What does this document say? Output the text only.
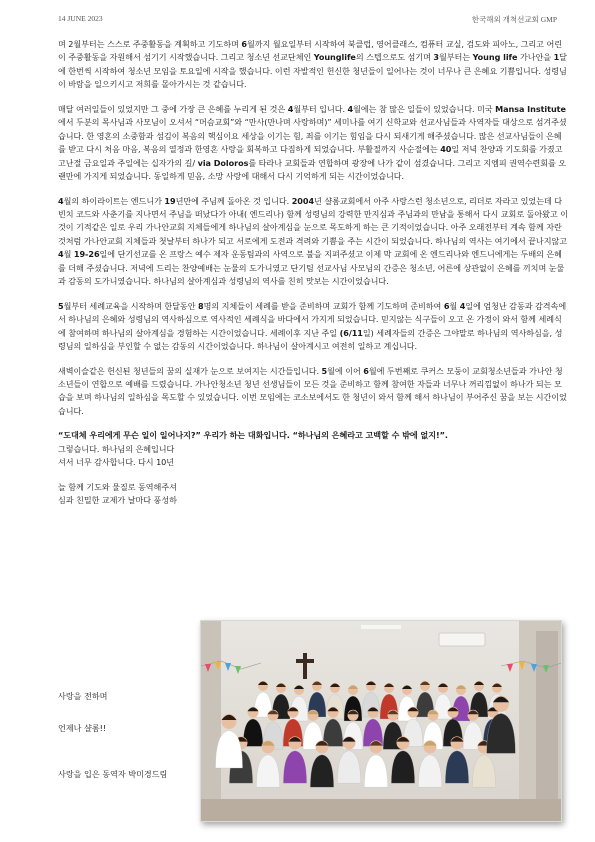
14 JUNE 2023	한국해외 개척선교회 GMP

며 2월부터는 스스로 주중활동을 계획하고 기도하며 6월까지 월요일부터 시작하여 북클럽, 영어클래스, 컴퓨터 교실, 검도와 피아노, 그리고 어린이 주중활동을 자원해서 섬기기 시작했습니다. 그리고 청소년 선교단체인 Younglife의 스텝으로도 섬기며 3월부터는 Young life 가나안을 1달에 한번씩 시작하여 청소년 모임을 토요일에 시작을 했습니다. 이런 자발적인 헌신한 청년들이 일어나는 것이 너무나 큰 은혜요 기쁨입니다. 성령님이 바람을 일으키시고 저희를 몰아가시는 것 같습니다.

매달 여러일들이 있었지만 그 중에 가장 큰 은혜를 누리게 된 것은 4월부터 입니다. 4월에는 참 많은 일들이 있었습니다. 미국 Mansa Institute에서 두분의 목사님과 사모님이 오셔서 “머슴교회”와 “만사(만나며 사랑하며)” 세미나를 여기 신학교와 선교사님들과 사역자들 대상으로 섬겨주셨습니다. 한 영혼의 소중함과 섬김이 복음의 핵심이요 세상을 이기는 힘, 죄를 이기는 힘임을 다시 되새기게 해주셨습니다. 많은 선교사님들이 은혜를 받고 다시 처음 마음, 복음의 열정과 한영혼 사랑을 회복하고 다짐하게 되었습니다. 부활절까지 사순절에는 40일 저녁 찬양과 기도회를 가졌고 고난절 금요일과 주일에는 십자가의 길/ via Doloros를 타라나 교회들과 연합하며 광장에 나가 같이 섬겼습니다. 그리고 지엠피 권역수련회를 오랜만에 가지게 되었습니다. 동일하게 믿음, 소망 사랑에 대해서 다시 기억하게 되는 시간이었습니다.

4월의 하이라이트는 엔드니가 19년만에 주님께 돌아온 것 입니다. 2004년 샬롬교회에서 아주 사랑스런 청소년으로, 리더로 자라고 있었는데 다빈치 코드와 사춘기를 지나면서 주님을 떠났다가 아내( 엔드리나) 함께 성령님의 강력한 만지심과 주님과의 만남을 통해서 다시 교회로 돌아왔고 이것이 기적같은 일로 우리 가나안교회 지체들에게 하나님의 살아계심을 눈으로 목도하게 하는 큰 기적이었습니다. 아주 오래전부터 계속 함께 자란 것처럼 가나안교회 지체들과 첫날부터 하나가 되고 서로에게 도전과 격려와 기쁨을 주는 시간이 되었습니다. 하나님의 역사는 여기에서 끝나지않고 4월 19-26일에 단기선교를 온 프랑스 예수 제자 운동팀과의 사역으로 불을 지펴주셨고 이제 막 교회에 온 엔드리나와 엔드니에게는 두배의 은혜를 더해 주셨습니다. 저녁에 드리는 찬양예배는 눈물의 도가니였고 단기팀 선교사님 사모님의 간증은 청소년, 어른에 상관없이 은혜를 끼치며 눈물과 감동의 도가니였습니다. 하나님의 살아계심과 성령님의 역사를 친히 맛보는 시간이었습니다.

5월부터 세례교육을 시작하며 한달동안 8명의 지체들이 세례를 받을 준비하며 교회가 함께 기도하며 준비하여 6월 4일에 엄청난 감동과 감격속에서 하나님의 은혜와 성령님의 역사하심으로 역사적인 세례식을 바다에서 가지게 되었습니다. 믿지않는 식구들이 오고 온 가정이 와서 함께 세례식에 참여하며 하나님의 살아계심을 경험하는 시간이었습니다. 세례이후 지난 주일 (6/11일) 세례자들의 간증은 그야말로 하나님의 역사하심을, 성령님의 일하심을 부인할 수 없는 감동의 시간이었습니다. 하나님이 살아계시고 여전히 일하고 계십니다.

새벽이슬같은 헌신된 청년들의 꿈의 실재가 눈으로 보여지는 시간들입니다. 5월에 이어 6월에 두번째로 쿠커스 모둥이 교회청소년들과 가나안 청소년들이 연합으로 예배를 드렸습니다. 가나안청소년 청년 선생님들이 모든 것을 준비하고 함께 참여한 자들과 너무나 꺼리낌없이 하나가 되는 모습을 보며 하나님의 일하심을 목도할 수 있었습니다. 이번 모임에는 코소보에서도 한 청년이 와서 함께 해서 하나님이 부어주신 꿈을 보는 시간이었습니다.

“도대체 우리에게 무슨 일이 일어나지?” 우리가 하는 대화입니다. “하나님의 은혜라고 고백할 수 밖에 없지!”.

그렇습니다. 하나님의 은혜입니다

셔서 너무 감사합니다. 다시 10년

늘 함께 기도와 물질로 동역해주셔

심과 친밀한 교제가 날마다 풍성하

사랑을 전하며
언제나 샬롬!!
사랑을 입은 동역자 박미경드림
